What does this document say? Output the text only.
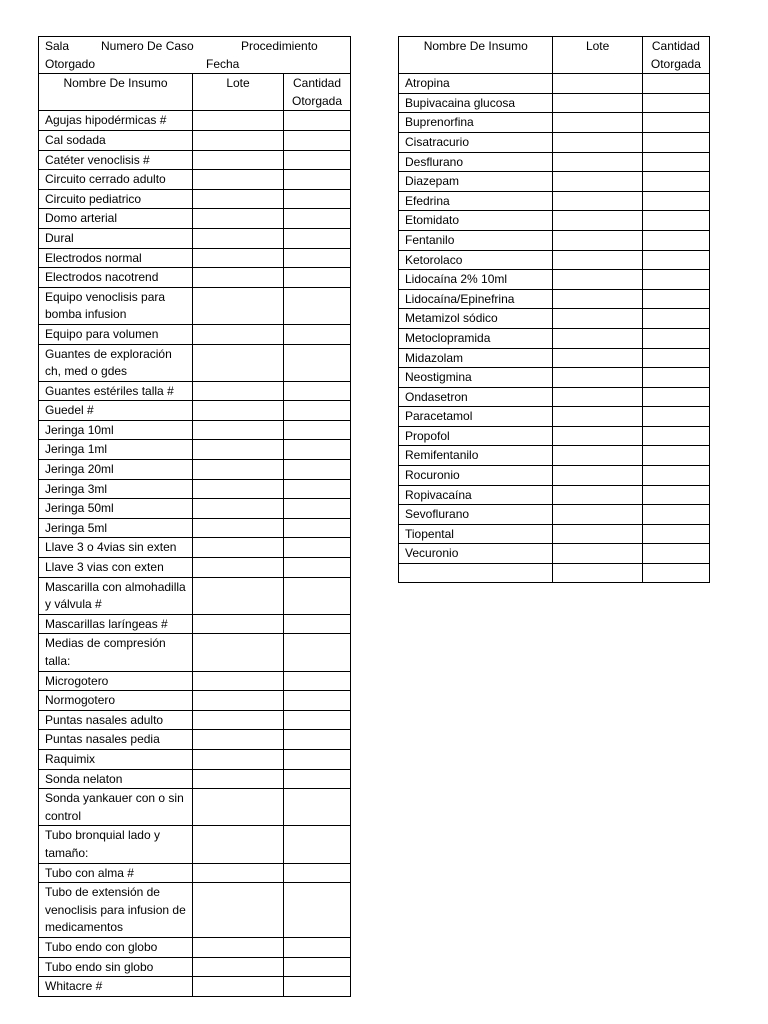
Sala Numero De Caso Procedimiento
Otorgado Fecha		

Nombre De Insumo	Lote	Cantidad Otorgada
Agujas hipodérmicas #		
Cal sodada		
Catéter venoclisis #		
Circuito cerrado adulto		
Circuito pediatrico		
Domo arterial		
Dural		
Electrodos normal		
Electrodos nacotrend		
Equipo venoclisis para bomba infusion		
Equipo para volumen		
Guantes de exploración ch, med o gdes		
Guantes estériles talla #		
Guedel #		
Jeringa 10ml		
Jeringa 1ml		
Jeringa 20ml		
Jeringa 3ml		
Jeringa 50ml		
Jeringa 5ml		
Llave 3 o 4vias sin exten		
Llave 3 vias con exten		
Mascarilla con almohadilla y válvula #		
Mascarillas laríngeas #		
Medias de compresión talla:		
Microgotero		
Normogotero		
Puntas nasales adulto		
Puntas nasales pedia		
Raquimix		
Sonda nelaton		
Sonda yankauer con o sin control		
Tubo bronquial lado y tamaño:		
Tubo con alma #		
Tubo de extensión de venoclisis para infusion de medicamentos		
Tubo endo con globo		
Tubo endo sin globo		
Whitacre #		
Nombre De Insumo	Lote	Cantidad Otorgada
Atropina		
Bupivacaina glucosa		
Buprenorfina		
Cisatracurio		
Desflurano		
Diazepam		
Efedrina		
Etomidato		
Fentanilo		
Ketorolaco		
Lidocaína 2% 10ml		
Lidocaína/Epinefrina		
Metamizol sódico		
Metoclopramida		
Midazolam		
Neostigmina		
Ondasetron		
Paracetamol		
Propofol		
Remifentanilo		
Rocuronio		
Ropivacaína		
Sevoflurano		
Tiopental		
Vecuronio		
